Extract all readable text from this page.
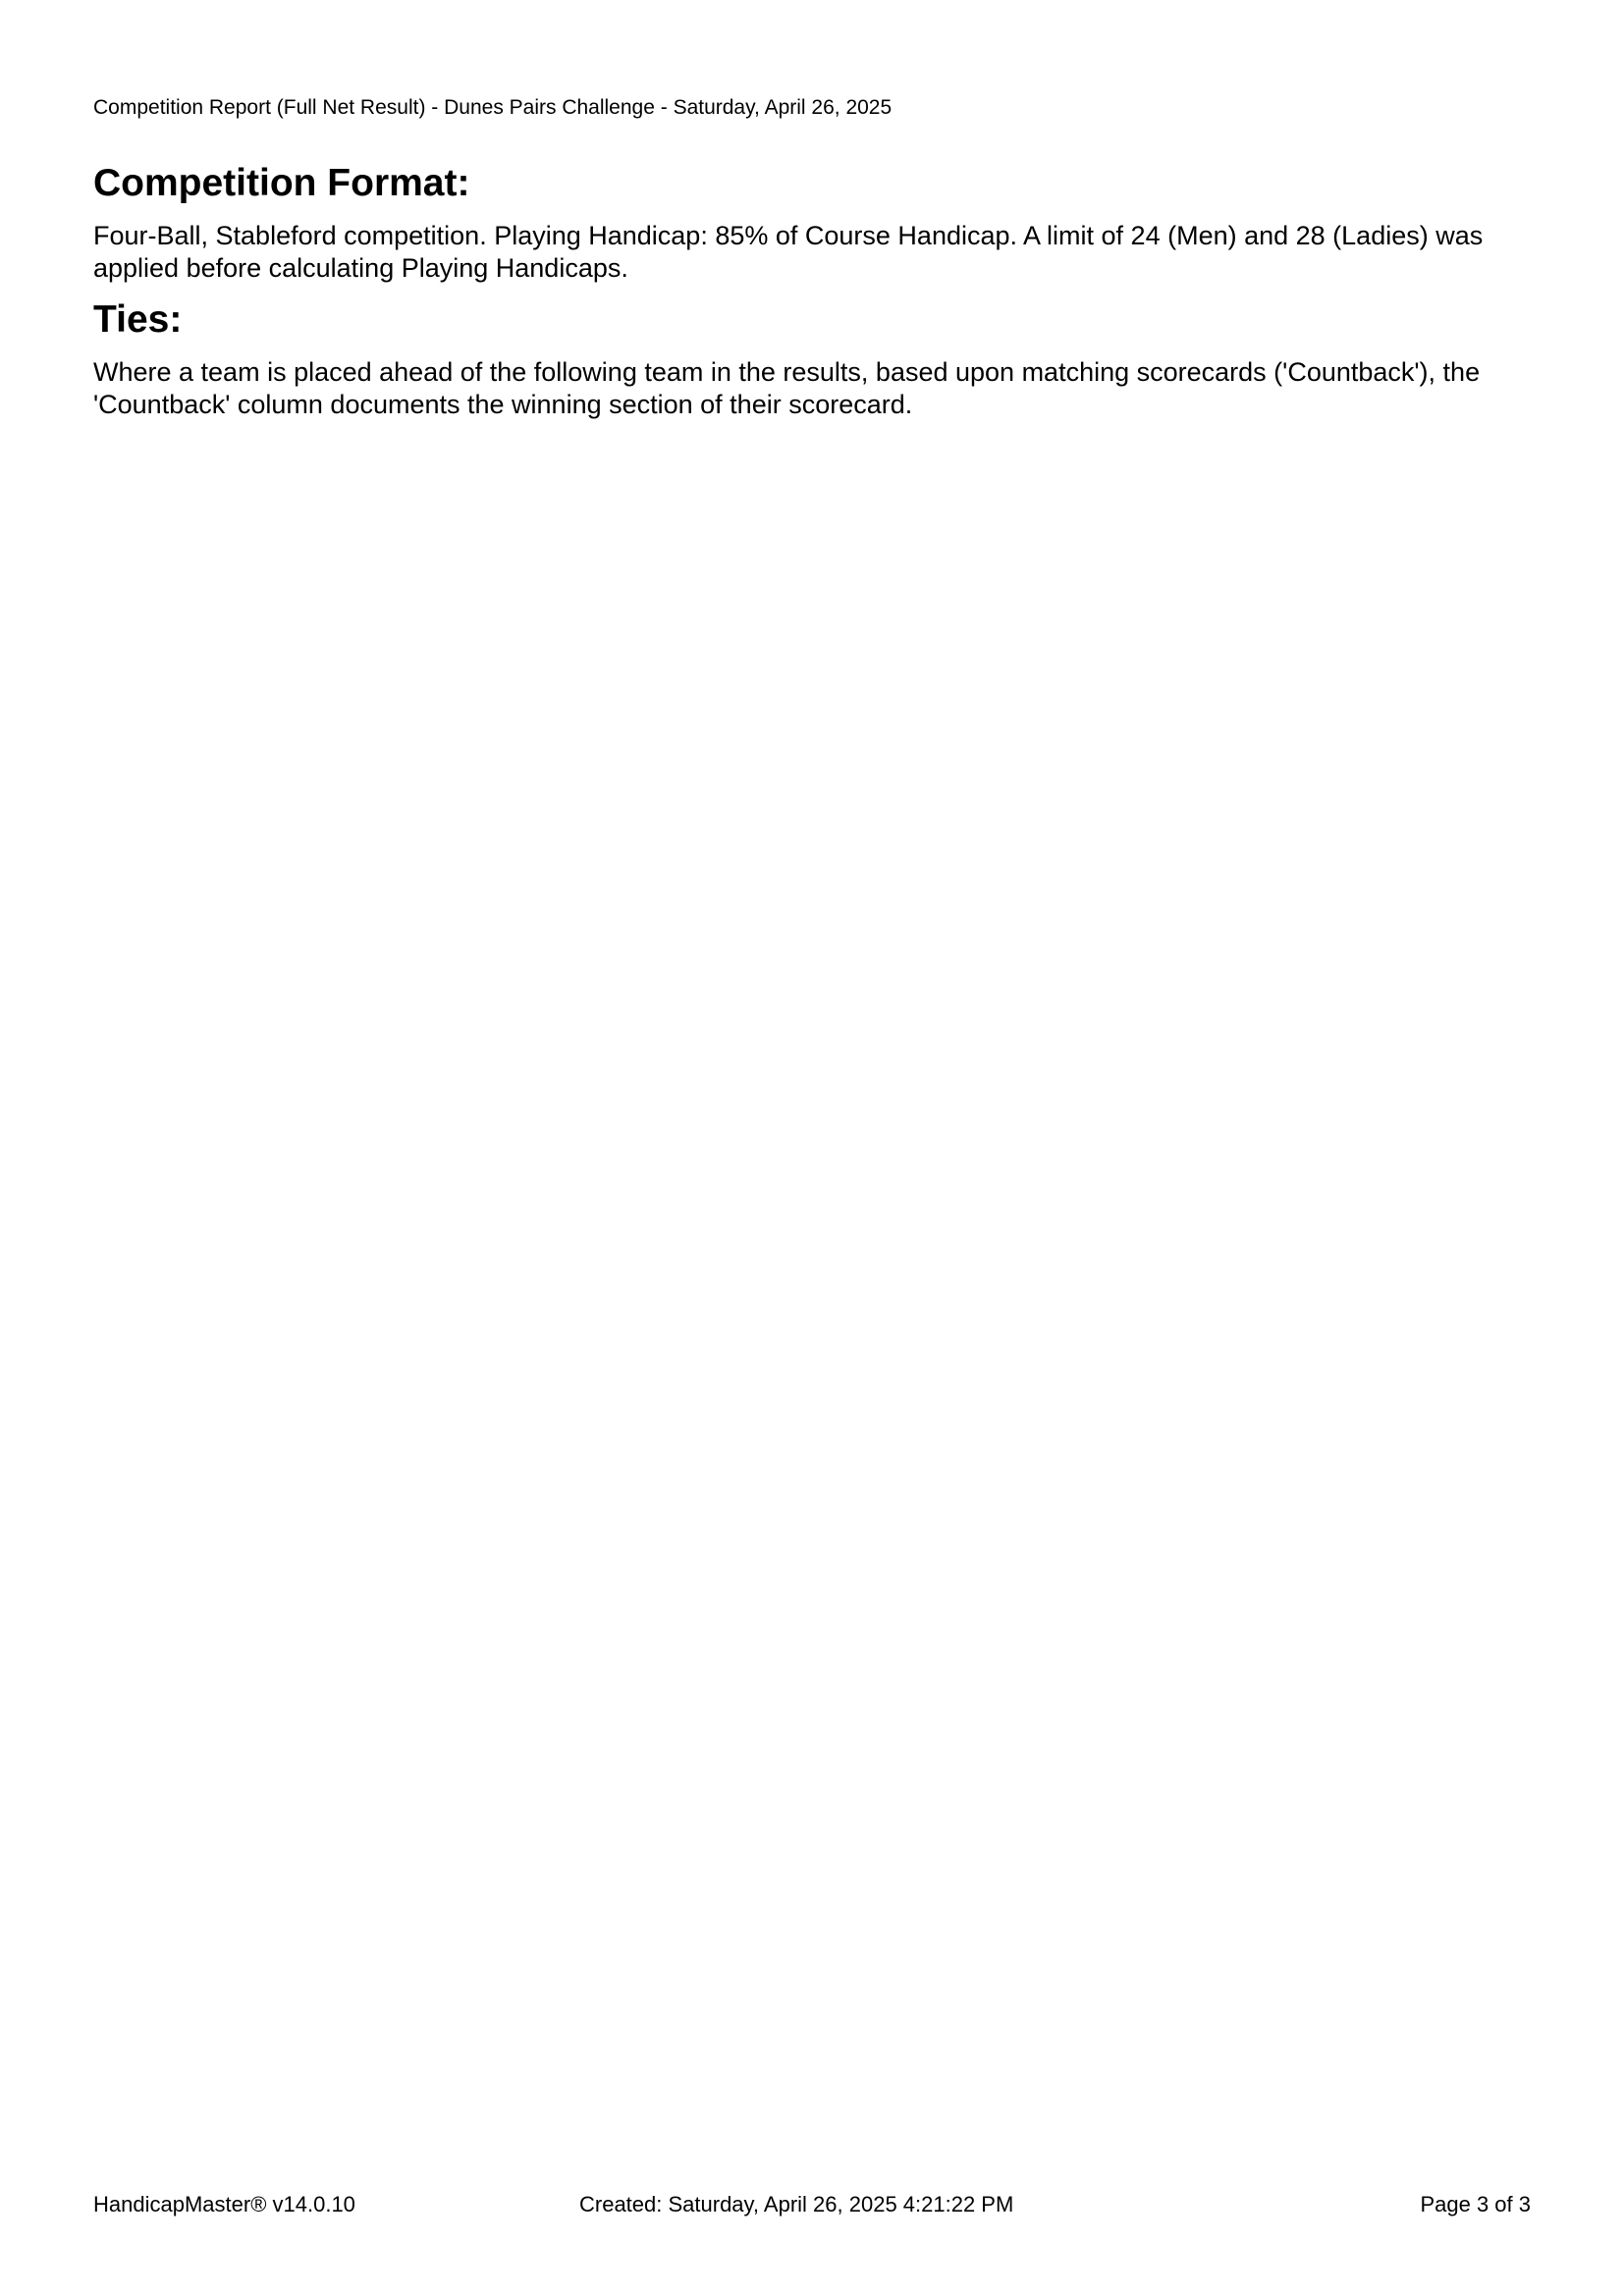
Competition Report (Full Net Result) - Dunes Pairs Challenge - Saturday, April 26, 2025
Competition Format:

Four-Ball, Stableford competition. Playing Handicap: 85% of Course Handicap. A limit of 24 (Men) and 28 (Ladies) was applied before calculating Playing Handicaps.

Ties:

Where a team is placed ahead of the following team in the results, based upon matching scorecards ('Countback'), the 'Countback' column documents the winning section of their scorecard.

HandicapMaster® v14.0.10	Created: Saturday, April 26, 2025 4:21:22 PM	Page 3 of 3
